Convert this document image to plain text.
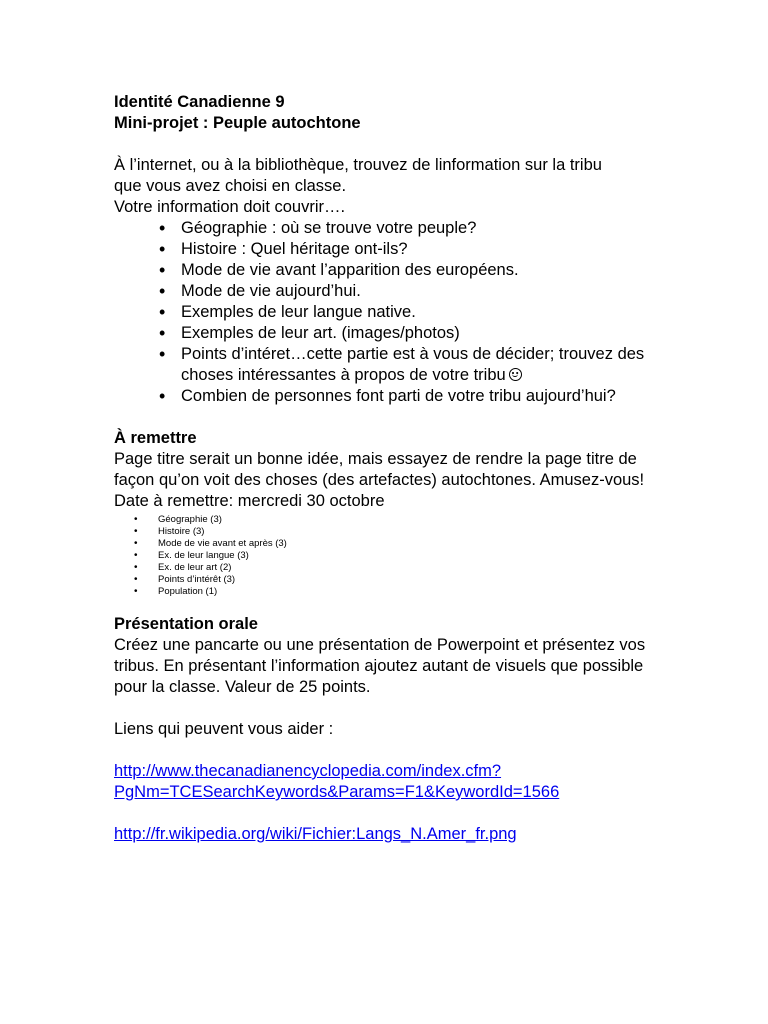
Identité Canadienne 9

Mini-projet : Peuple autochtone

À l’internet, ou à la bibliothèque, trouvez de linformation sur la tribu

que vous avez choisi en classe.

Votre information doit couvrir….

• Géographie : où se trouve votre peuple?
• Histoire : Quel héritage ont-ils?
• Mode de vie avant l’apparition des européens.
• Mode de vie aujourd’hui.
• Exemples de leur langue native.
• Exemples de leur art. (images/photos)
• Points d’intéret…cette partie est à vous de décider; trouvez des choses intéressantes à propos de votre tribu
• Combien de personnes font parti de votre tribu aujourd’hui?

À remettre

Page titre serait un bonne idée, mais essayez de rendre la page titre de façon qu’on voit des choses (des artefactes) autochtones. Amusez-vous!

Date à remettre: mercredi 30 octobre

• Géographie (3)
• Histoire (3)
• Mode de vie avant et après (3)
• Ex. de leur langue (3)
• Ex. de leur art (2)
• Points d’intérêt (3)
• Population (1)

Présentation orale

Créez une pancarte ou une présentation de Powerpoint et présentez vos tribus. En présentant l’information ajoutez autant de visuels que possible pour la classe. Valeur de 25 points.

Liens qui peuvent vous aider :

http://www.thecanadianencyclopedia.com/index.cfm?
PgNm=TCESearchKeywords&Params=F1&KeywordId=1566

http://fr.wikipedia.org/wiki/Fichier:Langs_N.Amer_fr.png
